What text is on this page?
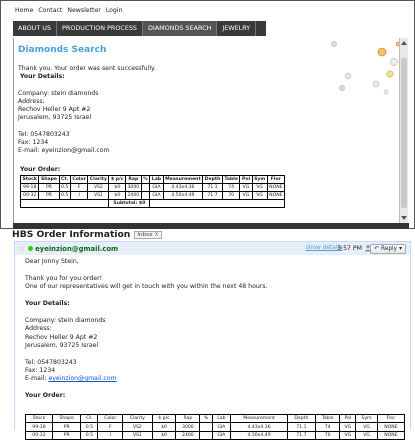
Home Contact Newsletter Login
ABOUT US	PRODUCTION PROCESS	DIAMONDS SEARCH	JEWELRY
Diamonds Search
Thank you. Your order was sent successfully.
Your Details:
Company: stein diamonds
Address:
Rechov Heller 9 Apt #2
Jerusalem, 93725 Israel
Tel: 0547803243
Fax: 1234
E-mail: eyeinzion@gmail.com
Your Order:
Stock	Shape	Ct.	Color	Clarity	$ p/c	Rap	%	Lab	Measurement	Depth	Table	Pol	Sym	Flor
99-18	PR	0.5	F	VS2	$0	3000		GIA	4.43x4.36	71.1	74	VG	VG	NONE
00-32	PR	0.5	I	VS1	$0	2400		GIA	4.50x4.49	71.7	70	VG	VG	NONE
					Subtotal: $0									
HBS Order Information	Inbox X
☆ eyeinzion@gmail.com	show details
3:57 PM ↶ Reply ▾
Dear Jonny Stein,
Thank you for you order!
One of our representatives will get in touch with you within the next 48 hours.
Your Details:
Company: stein diamonds
Address:
Rechov Heller 9 Apt #2
Jerusalem, 93725 Israel
Tel: 0547803243
Fax: 1234
E-mail: eyeinzion@gmail.com
Your Order:
Stock	Shape	Ct.	Color	Clarity	$ p/c	Rap	%	Lab	Measurement	Depth	Table	Pol	Sym	Flor
99-18	PR	0.5	F	VS2	$0	3000		GIA	4.43x4.36	71.1	74	VG	VG	NONE
00-32	PR	0.5	I	VS1	$0	2400		GIA	4.50x4.49	71.7	70	VG	VG	NONE
